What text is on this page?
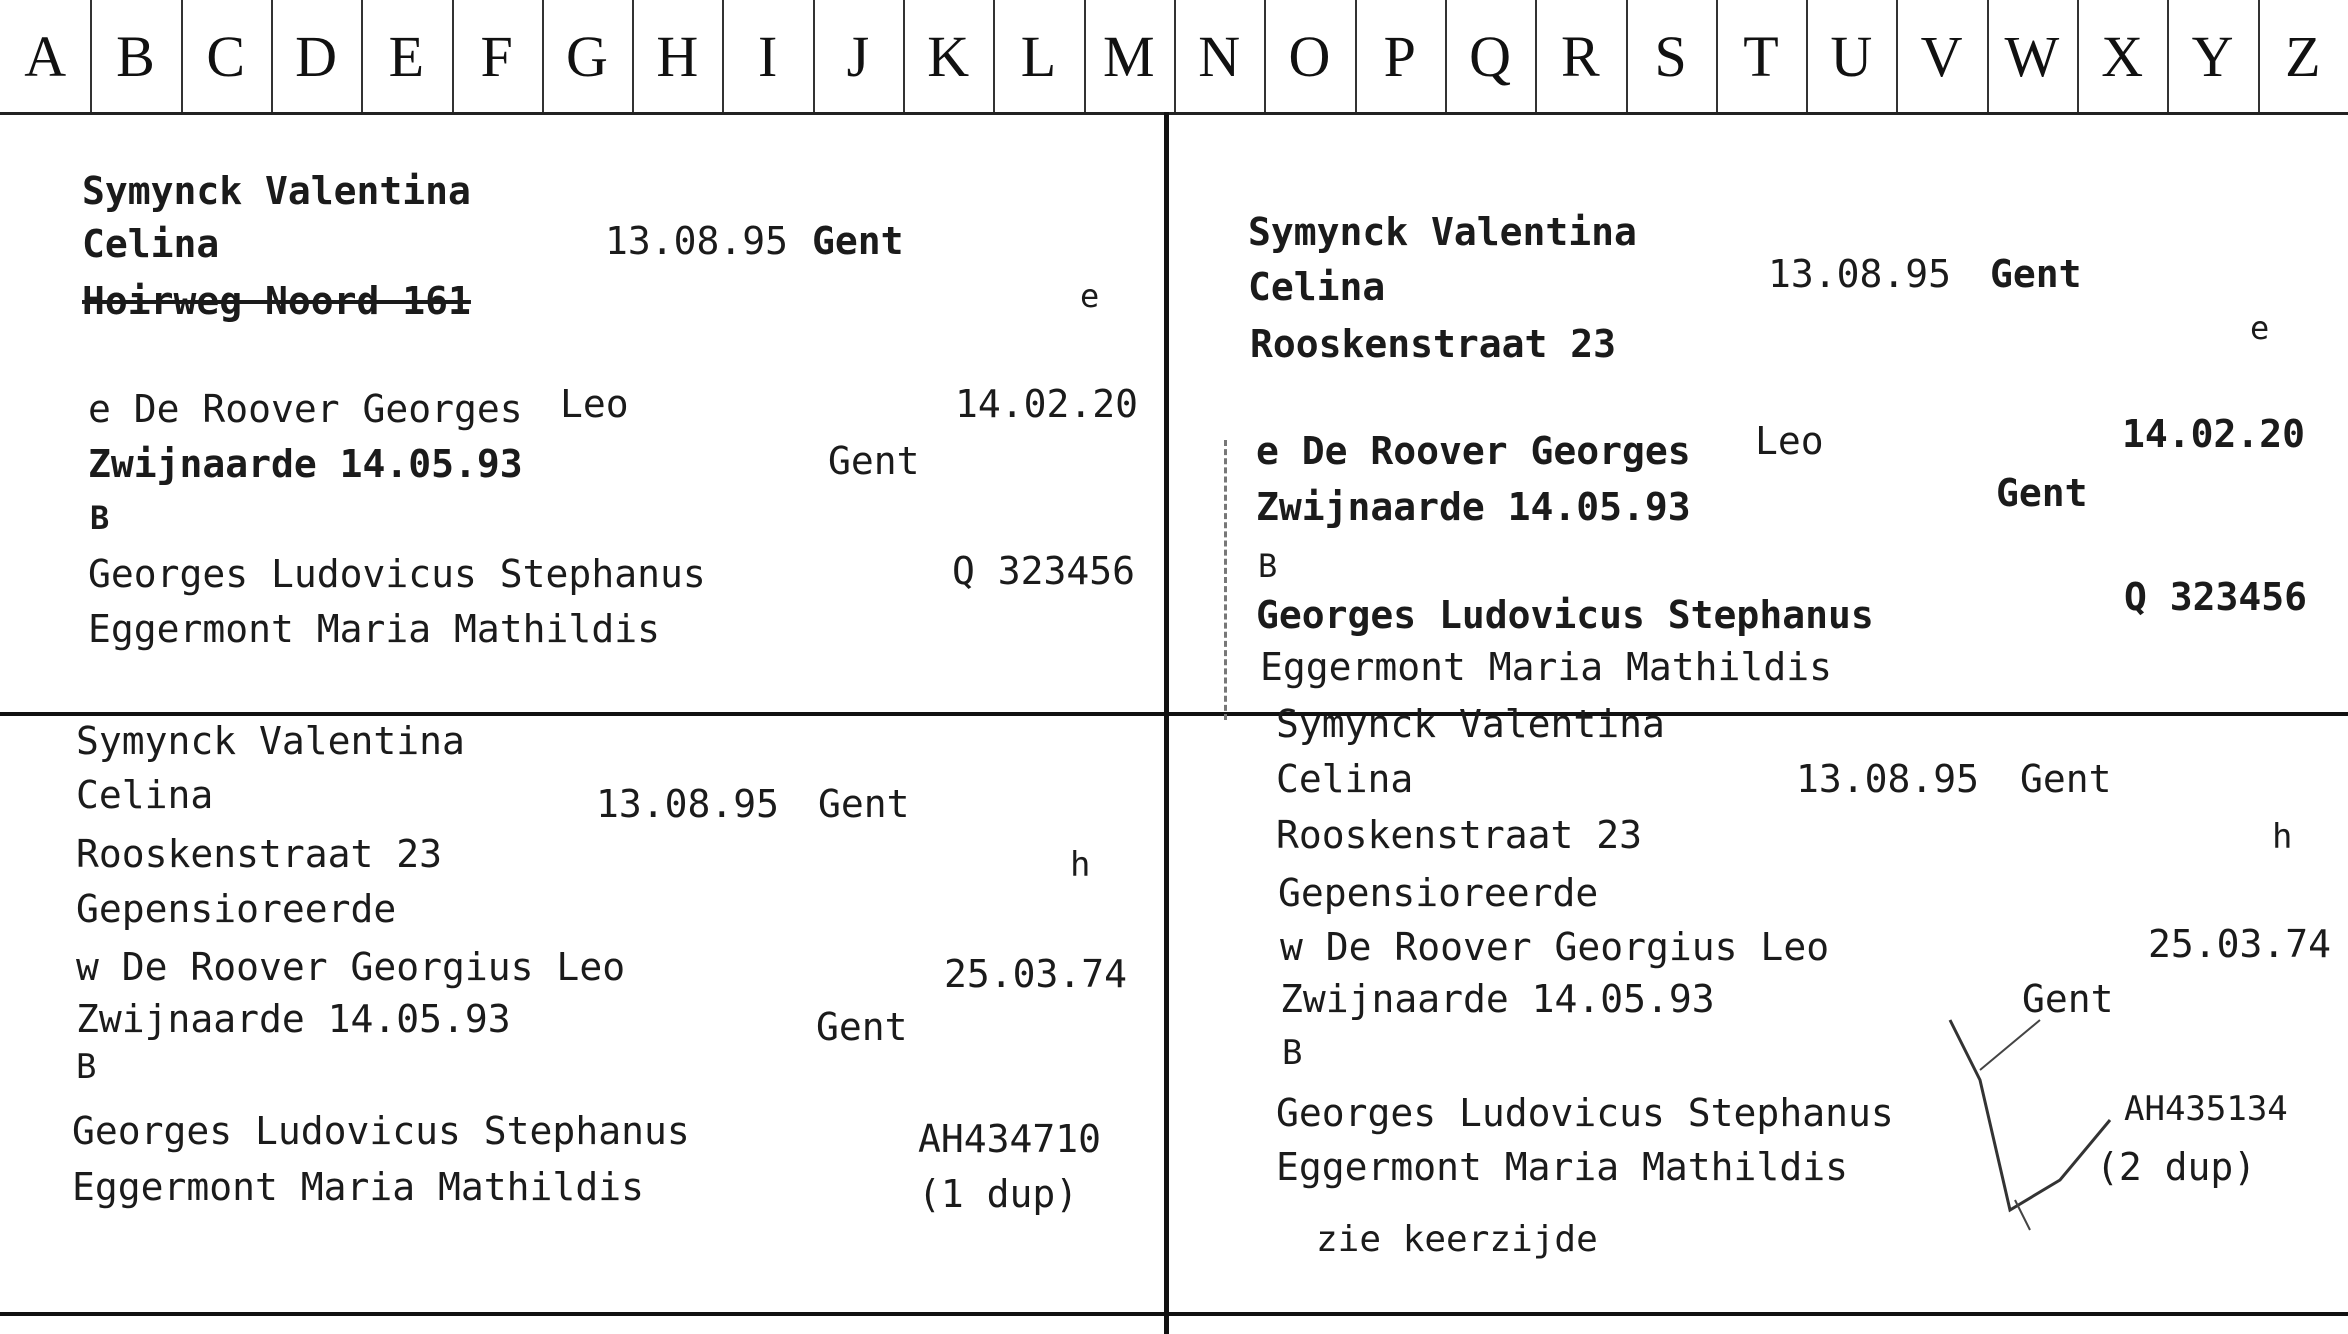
A B C D E F G H	I	J	K L M N O P Q R S T U V W X Y Z
Symynck Valentina
Celina	13.08.95 Gent
Hoirweg Noord 161	e
e De Roover Georges Leo	14.02.20
Zwijnaarde 14.05.93	Gent
B
Georges Ludovicus Stephanus	Q 323456
Eggermont Maria Mathildis
Symynck Valentina
Celina	13.08.95 Gent
Rooskenstraat 23	e
e De Roover Georges Leo	14.02.20
Zwijnaarde 14.05.93	Gent
B
Georges Ludovicus Stephanus	Q 323456
Eggermont Maria Mathildis
Symynck Valentina
Celina	13.08.95 Gent
Rooskenstraat 23	h
Gepensioreerde
w De Roover Georgius Leo	25.03.74
Zwijnaarde 14.05.93	Gent
B
Georges Ludovicus Stephanus	AH434710
Eggermont Maria Mathildis	(1 dup)
Symynck Valentina
Celina	13.08.95 Gent
Rooskenstraat 23	h
Gepensioreerde
w De Roover Georgius Leo	25.03.74
Zwijnaarde 14.05.93	Gent
B
Georges Ludovicus Stephanus	AH435134
Eggermont Maria Mathildis	(2 dup)
zie keerzijde
